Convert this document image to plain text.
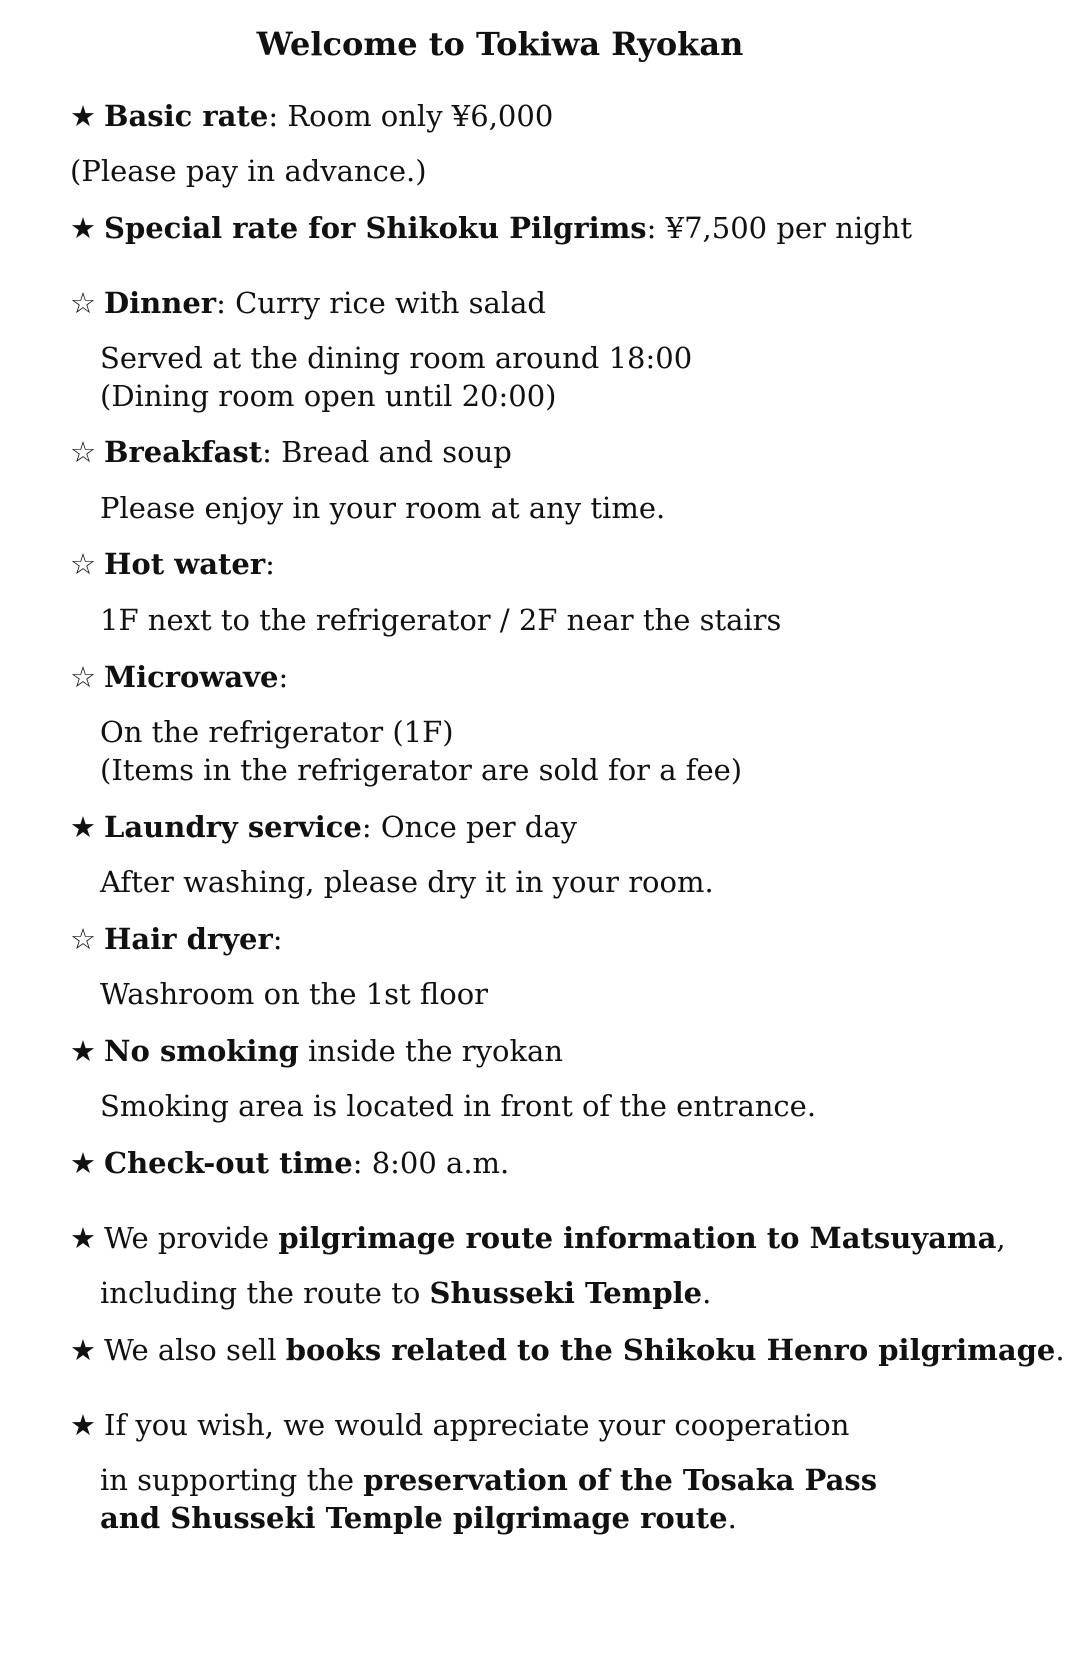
Welcome to Tokiwa Ryokan
★ Basic rate: Room only ¥6,000
(Please pay in advance.)
★ Special rate for Shikoku Pilgrims: ¥7,500 per night
☆ Dinner: Curry rice with salad
Served at the dining room around 18:00
(Dining room open until 20:00)
☆ Breakfast: Bread and soup
Please enjoy in your room at any time.
☆ Hot water:
1F next to the refrigerator / 2F near the stairs
☆ Microwave:
On the refrigerator (1F)
(Items in the refrigerator are sold for a fee)
★ Laundry service: Once per day
After washing, please dry it in your room.
☆ Hair dryer:
Washroom on the 1st floor
★ No smoking inside the ryokan
Smoking area is located in front of the entrance.
★ Check-out time: 8:00 a.m.
★ We provide pilgrimage route information to Matsuyama,
including the route to Shusseki Temple.
★ We also sell books related to the Shikoku Henro pilgrimage.
★ If you wish, we would appreciate your cooperation
in supporting the preservation of the Tosaka Pass
and Shusseki Temple pilgrimage route.
